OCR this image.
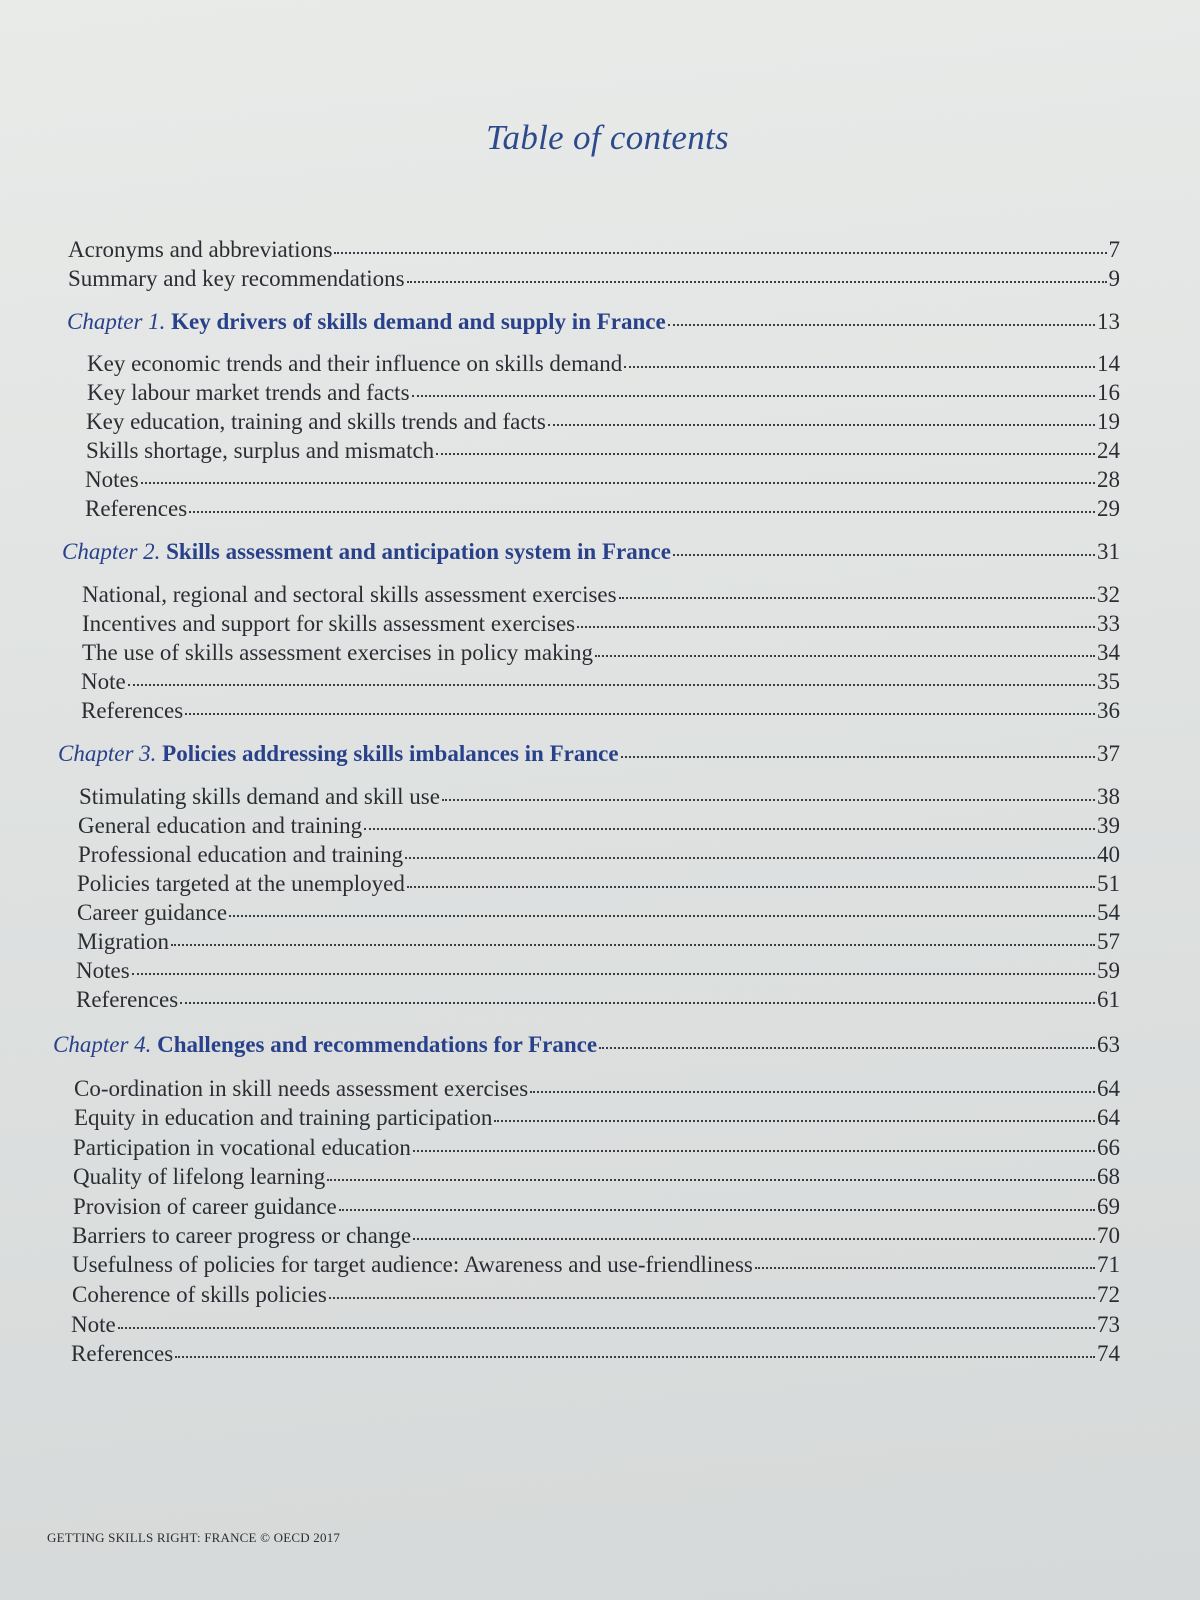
Table of contents
Acronyms and abbreviations	7
Summary and key recommendations	9
Chapter 1. Key drivers of skills demand and supply in France	13
Key economic trends and their influence on skills demand	14
Key labour market trends and facts	16
Key education, training and skills trends and facts	19
Skills shortage, surplus and mismatch	24
Notes	28
References	29
Chapter 2. Skills assessment and anticipation system in France	31
National, regional and sectoral skills assessment exercises	32
Incentives and support for skills assessment exercises	33
The use of skills assessment exercises in policy making	34
Note	35
References	36
Chapter 3. Policies addressing skills imbalances in France	37
Stimulating skills demand and skill use	38
General education and training	39
Professional education and training	40
Policies targeted at the unemployed	51
Career guidance	54
Migration	57
Notes	59
References	61
Chapter 4. Challenges and recommendations for France	63
Co-ordination in skill needs assessment exercises	64
Equity in education and training participation	64
Participation in vocational education	66
Quality of lifelong learning	68
Provision of career guidance	69
Barriers to career progress or change	70
Usefulness of policies for target audience: Awareness and use-friendliness	71
Coherence of skills policies	72
Note	73
References	74
GETTING SKILLS RIGHT: FRANCE © OECD 2017
